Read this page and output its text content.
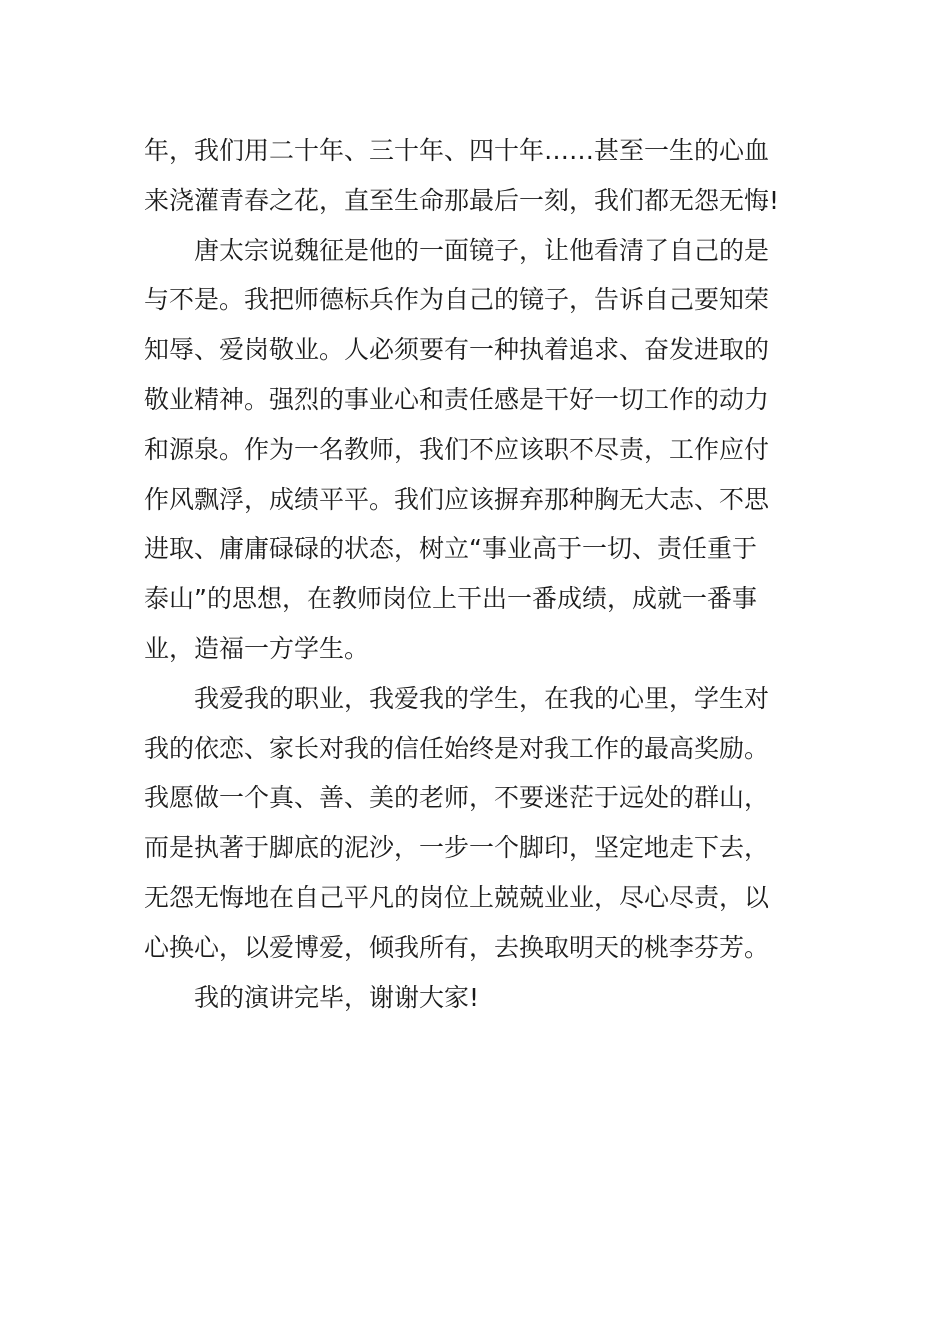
年，我们用二十年、三十年、四十年……甚至一生的心血
来浇灌青春之花，直至生命那最后一刻，我们都无怨无悔!
唐太宗说魏征是他的一面镜子，让他看清了自己的是
与不是。我把师德标兵作为自己的镜子，告诉自己要知荣
知辱、爱岗敬业。人必须要有一种执着追求、奋发进取的
敬业精神。强烈的事业心和责任感是干好一切工作的动力
和源泉。作为一名教师，我们不应该职不尽责，工作应付
作风飘浮，成绩平平。我们应该摒弃那种胸无大志、不思
进取、庸庸碌碌的状态，树立“事业高于一切、责任重于
泰山”的思想，在教师岗位上干出一番成绩，成就一番事
业，造福一方学生。
我爱我的职业，我爱我的学生，在我的心里，学生对
我的依恋、家长对我的信任始终是对我工作的最高奖励。
我愿做一个真、善、美的老师，不要迷茫于远处的群山，
而是执著于脚底的泥沙，一步一个脚印，坚定地走下去，
无怨无悔地在自己平凡的岗位上兢兢业业，尽心尽责，以
心换心，以爱博爱，倾我所有，去换取明天的桃李芬芳。
我的演讲完毕，谢谢大家!
